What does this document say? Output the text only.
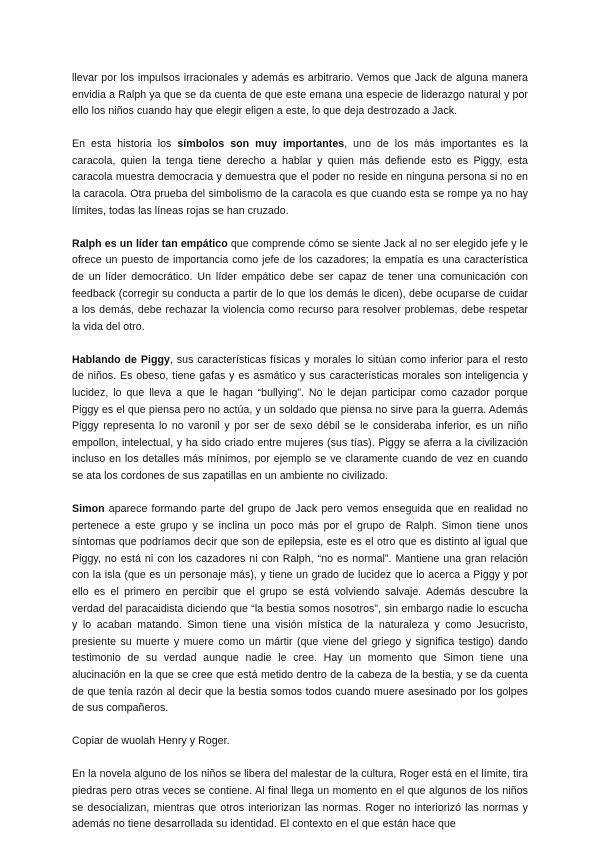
llevar por los impulsos irracionales y además es arbitrario. Vemos que Jack de alguna manera envidia a Ralph ya que se da cuenta de que este emana una especie de liderazgo natural y por ello los niños cuando hay que elegir eligen a este, lo que deja destrozado a Jack.

En esta historia los símbolos son muy importantes, uno de los más importantes es la caracola, quien la tenga tiene derecho a hablar y quien más defiende esto es Piggy, esta caracola muestra democracia y demuestra que el poder no reside en ninguna persona si no en la caracola. Otra prueba del simbolismo de la caracola es que cuando esta se rompe ya no hay límites, todas las líneas rojas se han cruzado.

Ralph es un líder tan empático que comprende cómo se siente Jack al no ser elegido jefe y le ofrece un puesto de importancia como jefe de los cazadores; la empatía es una característica de un líder democrático. Un líder empático debe ser capaz de tener una comunicación con feedback (corregir su conducta a partir de lo que los demás le dicen), debe ocuparse de cuidar a los demás, debe rechazar la violencia como recurso para resolver problemas, debe respetar la vida del otro.

Hablando de Piggy, sus características físicas y morales lo sitúan como inferior para el resto de niños. Es obeso, tiene gafas y es asmático y sus características morales son inteligencia y lucidez, lo que lleva a que le hagan “bullying”. No le dejan participar como cazador porque Piggy es el que piensa pero no actúa, y un soldado que piensa no sirve para la guerra. Además Piggy representa lo no varonil y por ser de sexo débil se le consideraba inferior, es un niño empollon, intelectual, y ha sido criado entre mujeres (sus tías). Piggy se aferra a la civilización incluso en los detalles más mínimos, por ejemplo se ve claramente cuando de vez en cuando se ata los cordones de sus zapatillas en un ambiente no civilizado.

Simon aparece formando parte del grupo de Jack pero vemos enseguida que en realidad no pertenece a este grupo y se inclina un poco más por el grupo de Ralph. Simon tiene unos síntomas que podríamos decir que son de epilepsia, este es el otro que es distinto al igual que Piggy, no está ni con los cazadores ni con Ralph, “no es normal”. Mantiene una gran relación con la isla (que es un personaje más), y tiene un grado de lucidez que lo acerca a Piggy y por ello es el primero en percibir que el grupo se está volviendo salvaje. Además descubre la verdad del paracaidista diciendo que “la bestia somos nosotros”, sin embargo nadie lo escucha y lo acaban matando. Simon tiene una visión mística de la naturaleza y como Jesucristo, presiente su muerte y muere como un mártir (que viene del griego y significa testigo) dando testimonio de su verdad aunque nadie le cree. Hay un momento que Simon tiene una alucinación en la que se cree que está metido dentro de la cabeza de la bestia, y se da cuenta de que tenía razón al decir que la bestia somos todos cuando muere asesinado por los golpes de sus compañeros.

Copiar de wuolah Henry y Roger.

En la novela alguno de los niños se libera del malestar de la cultura, Roger está en el límite, tira piedras pero otras veces se contiene. Al final llega un momento en el que algunos de los niños se desocializan, mientras que otros interiorizan las normas. Roger no interiorizó las normas y además no tiene desarrollada su identidad. El contexto en el que están hace que
